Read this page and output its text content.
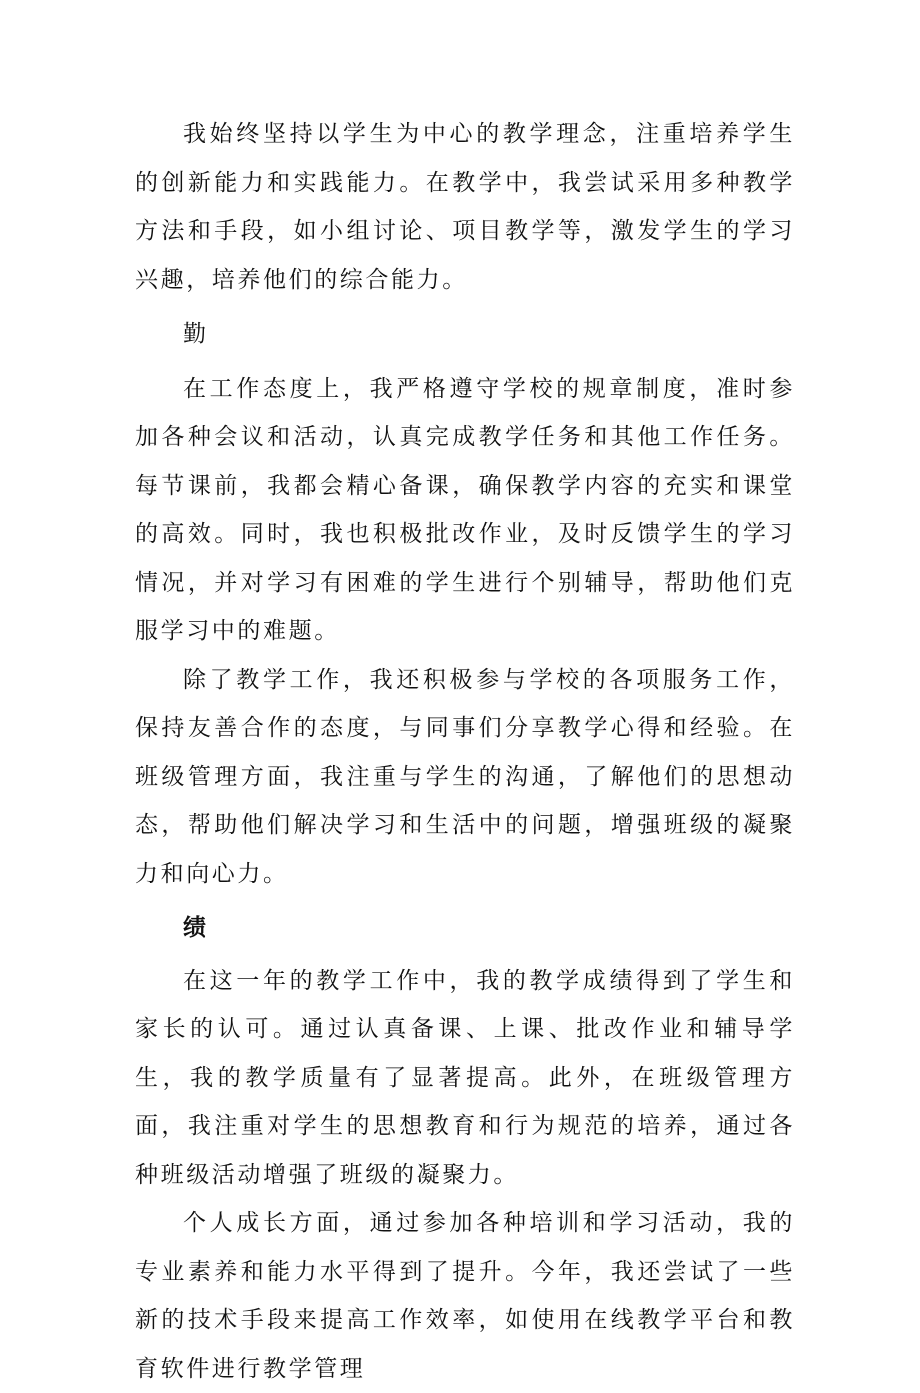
我始终坚持以学生为中心的教学理念，注重培养学生的创新能力和实践能力。在教学中，我尝试采用多种教学方法和手段，如小组讨论、项目教学等，激发学生的学习兴趣，培养他们的综合能力。

勤

在工作态度上，我严格遵守学校的规章制度，准时参加各种会议和活动，认真完成教学任务和其他工作任务。每节课前，我都会精心备课，确保教学内容的充实和课堂的高效。同时，我也积极批改作业，及时反馈学生的学习情况，并对学习有困难的学生进行个别辅导，帮助他们克服学习中的难题。

除了教学工作，我还积极参与学校的各项服务工作，保持友善合作的态度，与同事们分享教学心得和经验。在班级管理方面，我注重与学生的沟通，了解他们的思想动态，帮助他们解决学习和生活中的问题，增强班级的凝聚力和向心力。

绩

在这一年的教学工作中，我的教学成绩得到了学生和家长的认可。通过认真备课、上课、批改作业和辅导学生，我的教学质量有了显著提高。此外，在班级管理方面，我注重对学生的思想教育和行为规范的培养，通过各种班级活动增强了班级的凝聚力。

个人成长方面，通过参加各种培训和学习活动，我的专业素养和能力水平得到了提升。今年，我还尝试了一些新的技术手段来提高工作效率，如使用在线教学平台和教育软件进行教学管理
